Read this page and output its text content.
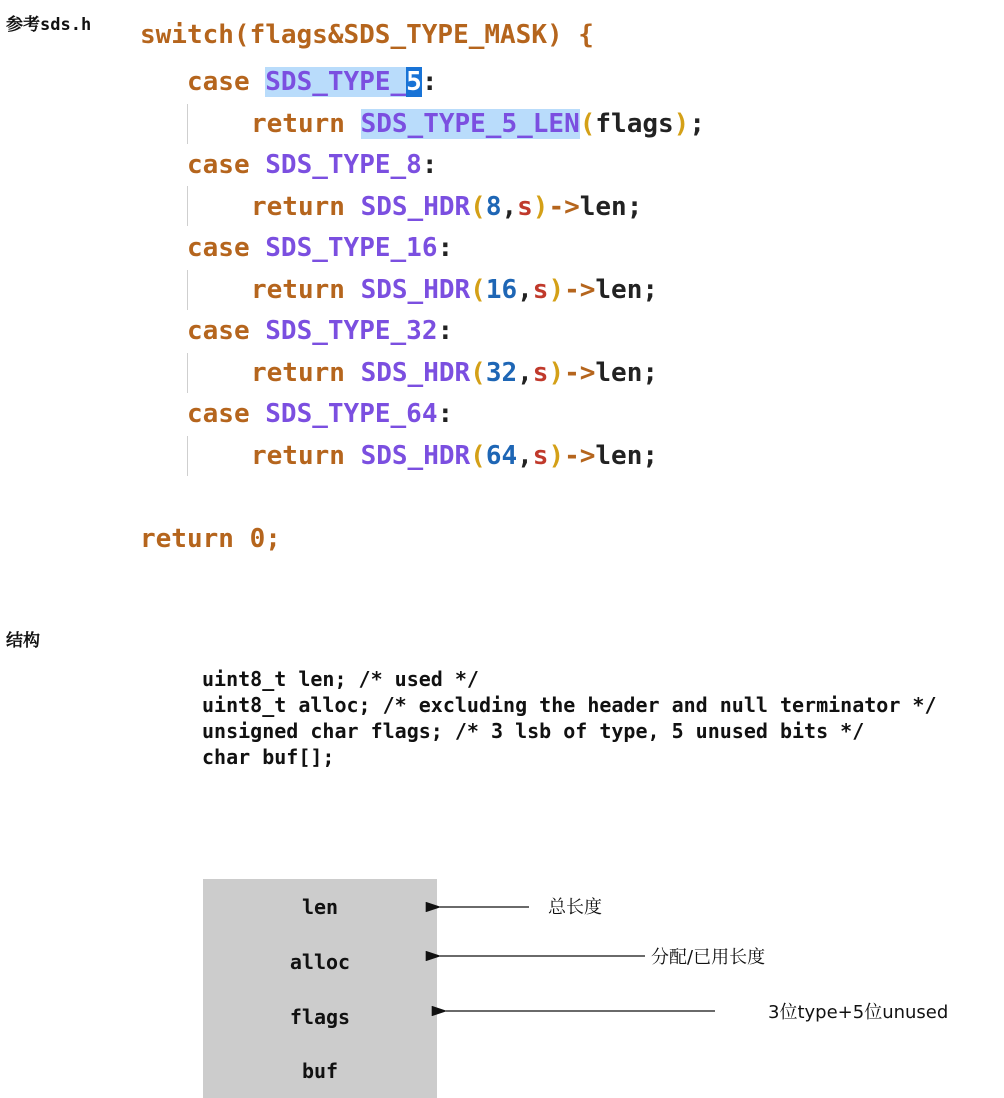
参考sds.h switch(flags&SDS_TYPE_MASK) {
case SDS_TYPE_5:
return SDS_TYPE_5_LEN(flags);
case SDS_TYPE_8:
return SDS_HDR(8,s)->len;
case SDS_TYPE_16:
return SDS_HDR(16,s)->len;
case SDS_TYPE_32:
return SDS_HDR(32,s)->len;
case SDS_TYPE_64:
return SDS_HDR(64,s)->len;
return 0;
结构
uint8_t len; /* used */
uint8_t alloc; /* excluding the header and null terminator */
unsigned char flags; /* 3 lsb of type, 5 unused bits */
char buf[];
len
alloc
flags
buf
总长度
分配/已用长度
3位type+5位unused
